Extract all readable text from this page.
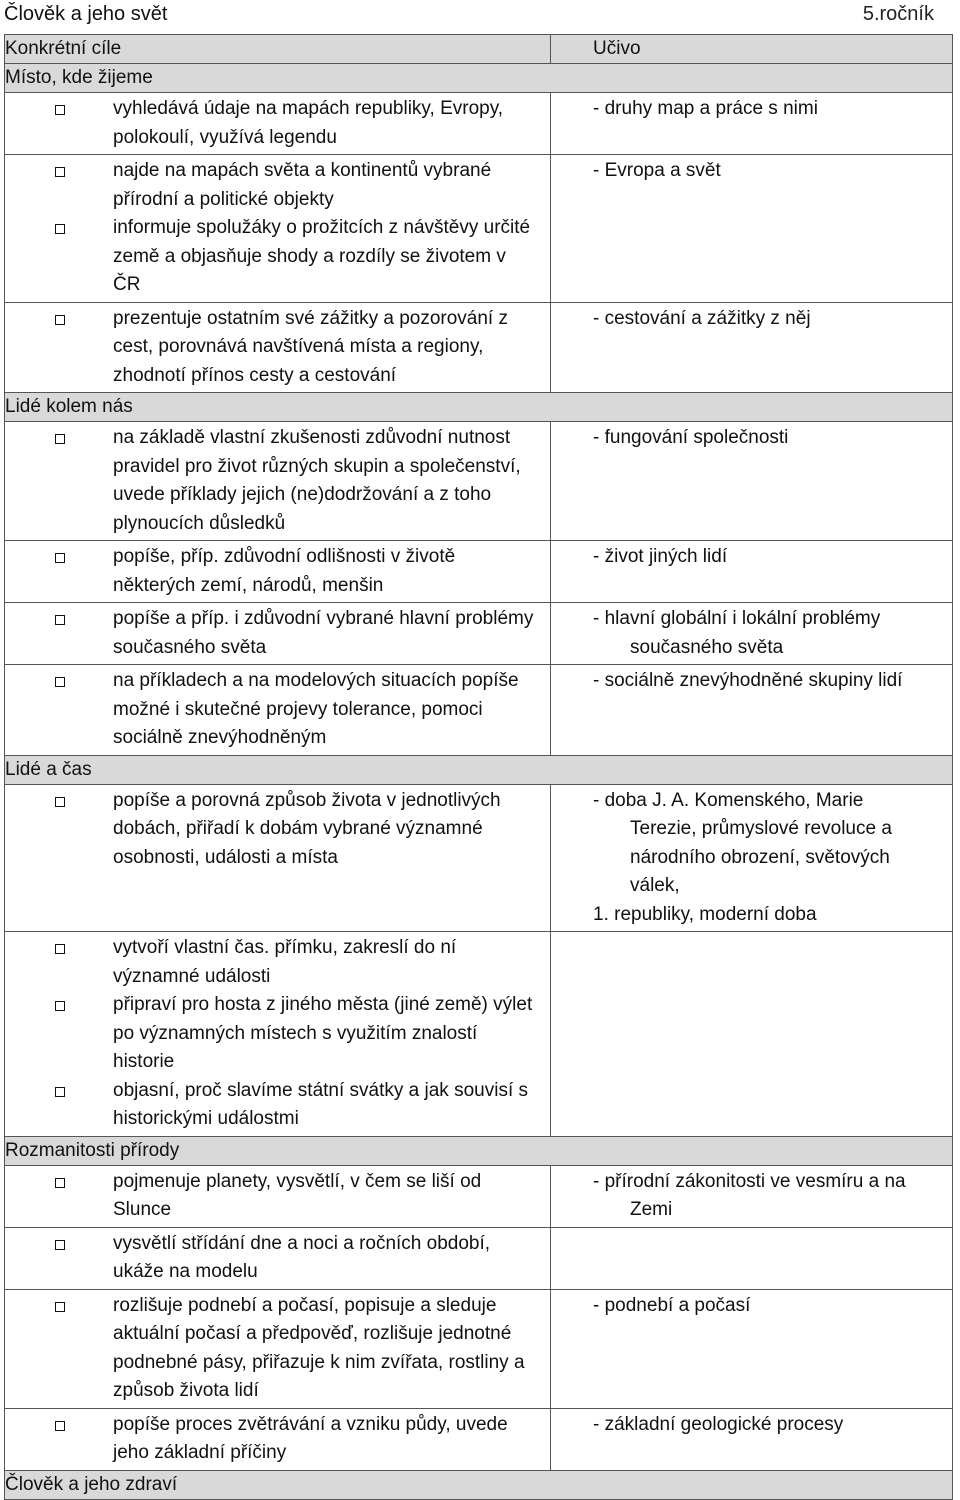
Člověk a jeho svět	5.ročník
Konkrétní cíle	Učivo
Místo, kde žijeme	

vyhledává údaje na mapách republiky, Evropy, polokoulí, využívá legendu	- druhy map a práce s nimi

najde na mapách světa a kontinentů vybrané přírodní a politické objekty
informuje spolužáky o prožitcích z návštěvy určité země a objasňuje shody a rozdíly se životem v ČR	- Evropa a svět

prezentuje ostatním své zážitky a pozorování z cest, porovnává navštívená místa a regiony, zhodnotí přínos cesty a cestování	- cestování a zážitky z něj

Lidé kolem nás	

na základě vlastní zkušenosti zdůvodní nutnost pravidel pro život různých skupin a společenství, uvede příklady jejich (ne)dodržování a z toho plynoucích důsledků	- fungování společnosti

popíše, příp. zdůvodní odlišnosti v životě některých zemí, národů, menšin	- život jiných lidí

popíše a příp. i zdůvodní vybrané hlavní problémy současného světa	- hlavní globální i lokální problémy
současného světa

na příkladech a na modelových situacích popíše možné i skutečné projevy tolerance, pomoci sociálně znevýhodněným	- sociálně znevýhodněné skupiny lidí

Lidé a čas	

popíše a porovná způsob života v jednotlivých dobách, přiřadí k dobám vybrané významné osobnosti, události a místa	- doba J. A. Komenského, Marie
Terezie, průmyslové revoluce a
národního obrození, světových
válek,
1. republiky, moderní doba

vytvoří vlastní čas. přímku, zakreslí do ní významné události
připraví pro hosta z jiného města (jiné země) výlet po významných místech s využitím znalostí historie
objasní, proč slavíme státní svátky a jak souvisí s historickými událostmi	

Rozmanitosti přírody	

pojmenuje planety, vysvětlí, v čem se liší od Slunce	- přírodní zákonitosti ve vesmíru a na
Zemi

vysvětlí střídání dne a noci a ročních období, ukáže na modelu	

rozlišuje podnebí a počasí, popisuje a sleduje aktuální počasí a předpověď, rozlišuje jednotné podnebné pásy, přiřazuje k nim zvířata, rostliny a způsob života lidí	- podnebí a počasí

popíše proces zvětrávání a vzniku půdy, uvede jeho základní příčiny	- základní geologické procesy

Člověk a jeho zdraví	
